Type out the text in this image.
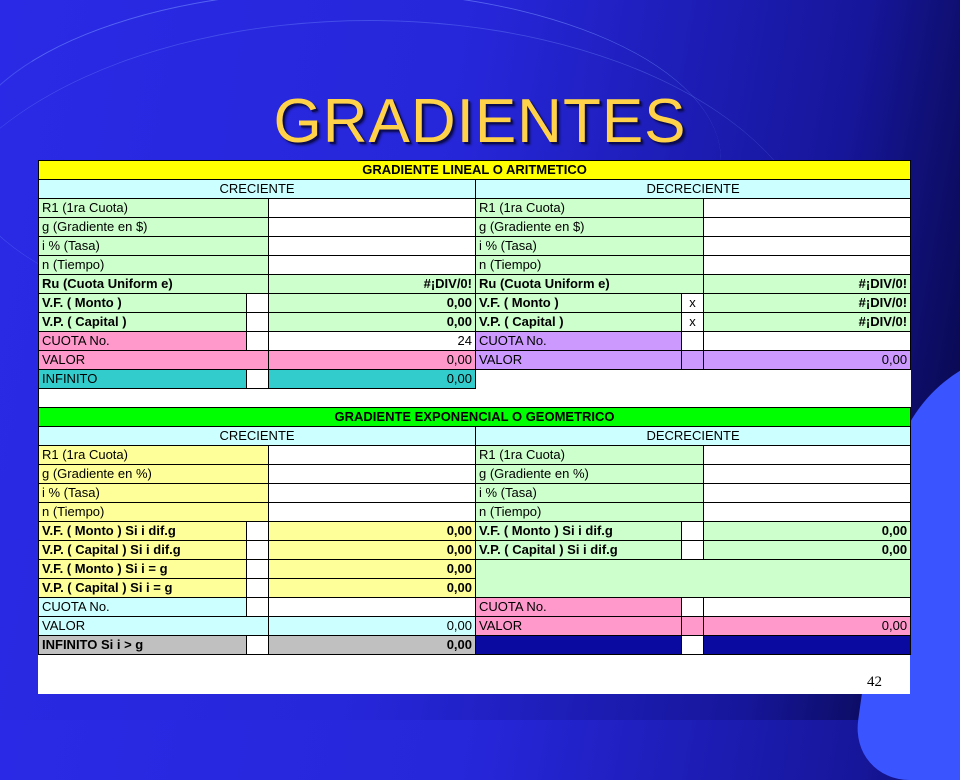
GRADIENTES
GRADIENTE LINEAL O ARITMETICO					
CRECIENTE			DECRECIENTE		
R1 (1ra Cuota)			R1 (1ra Cuota)		
g (Gradiente en $)			g (Gradiente en $)		
i % (Tasa)			i % (Tasa)		
n (Tiempo)			n (Tiempo)		
Ru (Cuota Uniform e)		#¡DIV/0!	Ru (Cuota Uniform e)		#¡DIV/0!
V.F. ( Monto )		0,00	V.F. ( Monto )	x	#¡DIV/0!
V.P. ( Capital )		0,00	V.P. ( Capital )	x	#¡DIV/0!
CUOTA No.		24	CUOTA No.		
VALOR		0,00	VALOR		0,00
INFINITO		0,00			

GRADIENTE EXPONENCIAL O GEOMETRICO					
CRECIENTE			DECRECIENTE		
R1 (1ra Cuota)			R1 (1ra Cuota)		
g (Gradiente en %)			g (Gradiente en %)		
i % (Tasa)			i % (Tasa)		
n (Tiempo)			n (Tiempo)		
V.F. ( Monto ) Si i dif.g		0,00	V.F. ( Monto ) Si i dif.g		0,00
V.P. ( Capital ) Si i dif.g		0,00	V.P. ( Capital ) Si i dif.g		0,00
V.F. ( Monto ) Si i = g		0,00			
V.P. ( Capital ) Si i = g		0,00			
CUOTA No.			CUOTA No.		
VALOR		0,00	VALOR		0,00
INFINITO Si i > g		0,00			
42
